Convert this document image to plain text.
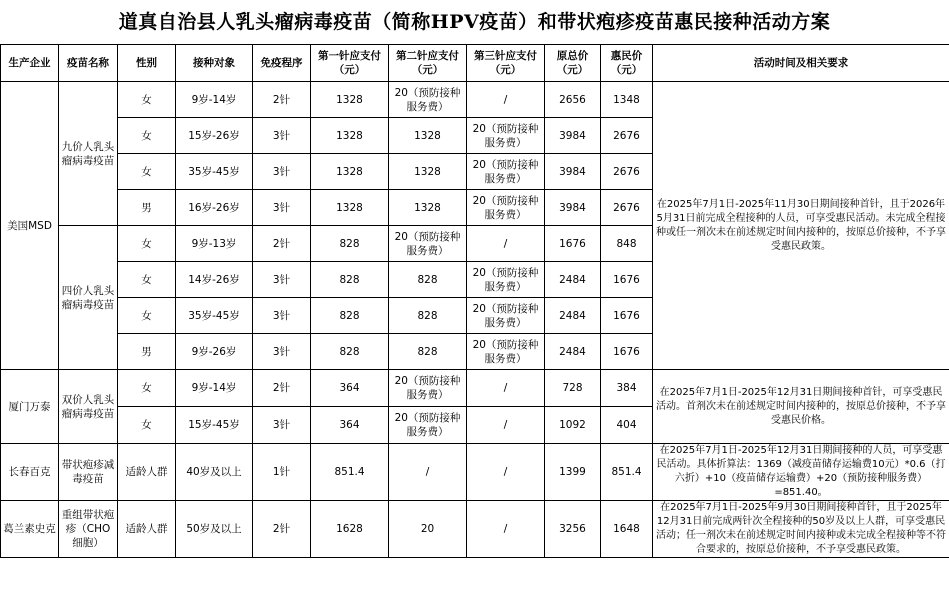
道真自治县人乳头瘤病毒疫苗（简称HPV疫苗）和带状疱疹疫苗惠民接种活动方案
生产企业	疫苗名称	性别	接种对象	免疫程序	第一针应支付（元）	第二针应支付（元）	第三针应支付（元）	原总价（元）	惠民价（元）	活动时间及相关要求
美国MSD	九价人乳头瘤病毒疫苗	女	9岁-14岁	2针	1328	20（预防接种服务费）	/	2656	1348	在2025年7月1日-2025年11月30日期间接种首针，且于2026年5月31日前完成全程接种的人员，可享受惠民活动。未完成全程接种或任一剂次未在前述规定时间内接种的，按原总价接种，不予享受惠民政策。
		女	15岁-26岁	3针	1328	1328	20（预防接种服务费）	3984	2676	
		女	35岁-45岁	3针	1328	1328	20（预防接种服务费）	3984	2676	
		男	16岁-26岁	3针	1328	1328	20（预防接种服务费）	3984	2676	
	四价人乳头瘤病毒疫苗	女	9岁-13岁	2针	828	20（预防接种服务费）	/	1676	848	
		女	14岁-26岁	3针	828	828	20（预防接种服务费）	2484	1676	
		女	35岁-45岁	3针	828	828	20（预防接种服务费）	2484	1676	
		男	9岁-26岁	3针	828	828	20（预防接种服务费）	2484	1676	
厦门万泰	双价人乳头瘤病毒疫苗	女	9岁-14岁	2针	364	20（预防接种服务费）	/	728	384	在2025年7月1日-2025年12月31日期间接种首针，可享受惠民活动。首剂次未在前述规定时间内接种的，按原总价接种，不予享受惠民价格。
		女	15岁-45岁	3针	364	20（预防接种服务费）	/	1092	404	
长春百克	带状疱疹减毒疫苗	适龄人群	40岁及以上	1针	851.4	/	/	1399	851.4	在2025年7月1日-2025年12月31日期间接种的人员，可享受惠民活动。具体折算法：1369（减疫苗储存运输费10元）*0.6（打六折）+10（疫苗储存运输费）+20（预防接种服务费）=851.40。
葛兰素史克	重组带状疱疹（CHO细胞）	适龄人群	50岁及以上	2针	1628	20	/	3256	1648	在2025年7月1日-2025年9月30日期间接种首针，且于2025年12月31日前完成两针次全程接种的50岁及以上人群，可享受惠民活动；任一剂次未在前述规定时间内接种或未完成全程接种等不符合要求的，按原总价接种，不予享受惠民政策。
